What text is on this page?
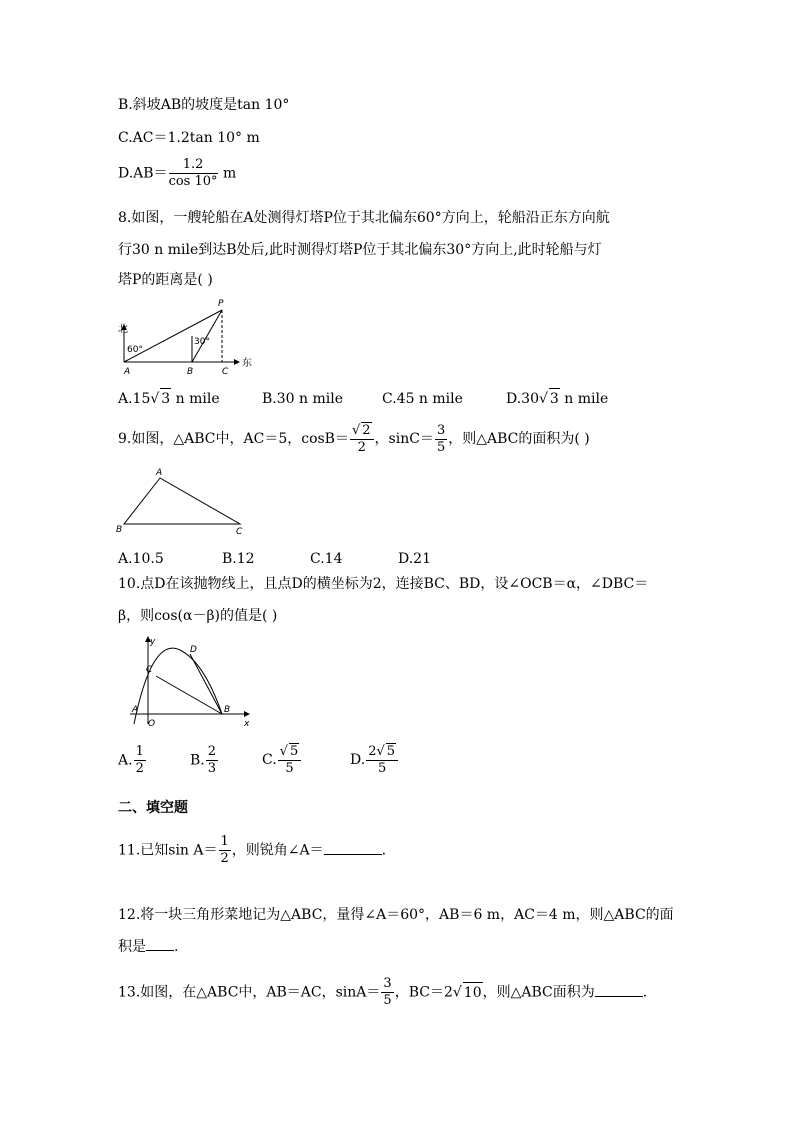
B.斜坡AB的坡度是tan 10°
C.AC＝1.2tan 10° m
$D.AB= \frac{1.2}{\cos 10^\circ}$ m
8.如图，一艘轮船在A处测得灯塔P位于其北偏东60°方向上，轮船沿正东方向航
行30 n mile到达B处后,此时测得灯塔P位于其北偏东30°方向上,此时轮船与灯
塔P的距离是( )
北
东
60°
30°
P
A	B	C
A.15√ 3 n mile	B.30 n mile	C.45 n mile	D.30√ 3 n mile
9.如图，△ABC中，AC＝5，$\cos B= \frac{√ 2}{2}$ ，$\sin C= \frac{3}{5}$ ，则△ABC的面积为( )
A
B	C
A.10.5	B.12	C.14	D.21
10.点D在该抛物线上，且点D的横坐标为2，连接BC、BD，设∠OCB＝α，∠DBC＝
β，则cos(α－β)的值是( )
y
x
C
D
A
O
B
A. $\frac{1}{2}$	B. $\frac{2}{3}$	C. $\frac{√ 5}{5}$	D. $\frac{2√ 5}{5}$
二、填空题
11.已知$\sin A= \frac{1}{2}$ ，则锐角∠A＝	.
12.将一块三角形菜地记为△ABC，量得∠A＝60°，AB＝6 m，AC＝4 m，则△ABC的面
积是 .
13.如图，在△ABC中，AB＝AC，$\sin A= \frac{3}{5}$ ，BC＝2√ 10，则△ABC面积为	.
